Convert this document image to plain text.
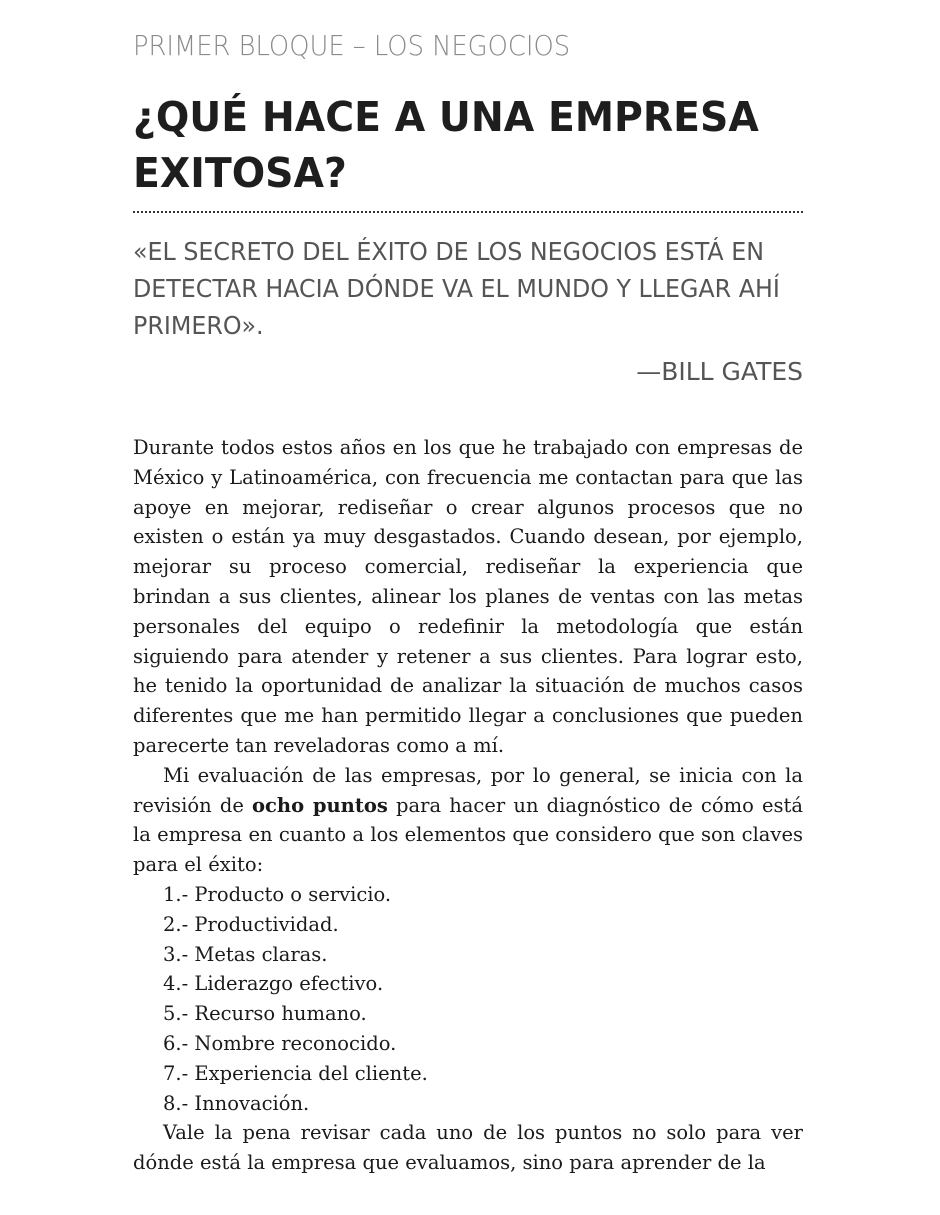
PRIMER BLOQUE – LOS NEGOCIOS
¿QUÉ HACE A UNA EMPRESA EXITOSA?
«EL SECRETO DEL ÉXITO DE LOS NEGOCIOS ESTÁ EN DETECTAR HACIA DÓNDE VA EL MUNDO Y LLEGAR AHÍ PRIMERO».
—BILL GATES

Durante todos estos años en los que he trabajado con empresas de México y Latinoamérica, con frecuencia me contactan para que las apoye en mejorar, rediseñar o crear algunos procesos que no existen o están ya muy desgastados. Cuando desean, por ejemplo, mejorar su proceso comercial, rediseñar la experiencia que brindan a sus clientes, alinear los planes de ventas con las metas personales del equipo o redefinir la metodología que están siguiendo para atender y retener a sus clientes. Para lograr esto, he tenido la oportunidad de analizar la situación de muchos casos diferentes que me han permitido llegar a conclusiones que pueden parecerte tan reveladoras como a mí.

Mi evaluación de las empresas, por lo general, se inicia con la revisión de ocho puntos para hacer un diagnóstico de cómo está la empresa en cuanto a los elementos que considero que son claves para el éxito:

1.- Producto o servicio.
2.- Productividad.
3.- Metas claras.
4.- Liderazgo efectivo.
5.- Recurso humano.
6.- Nombre reconocido.
7.- Experiencia del cliente.
8.- Innovación.

Vale la pena revisar cada uno de los puntos no solo para ver dónde está la empresa que evaluamos, sino para aprender de la
